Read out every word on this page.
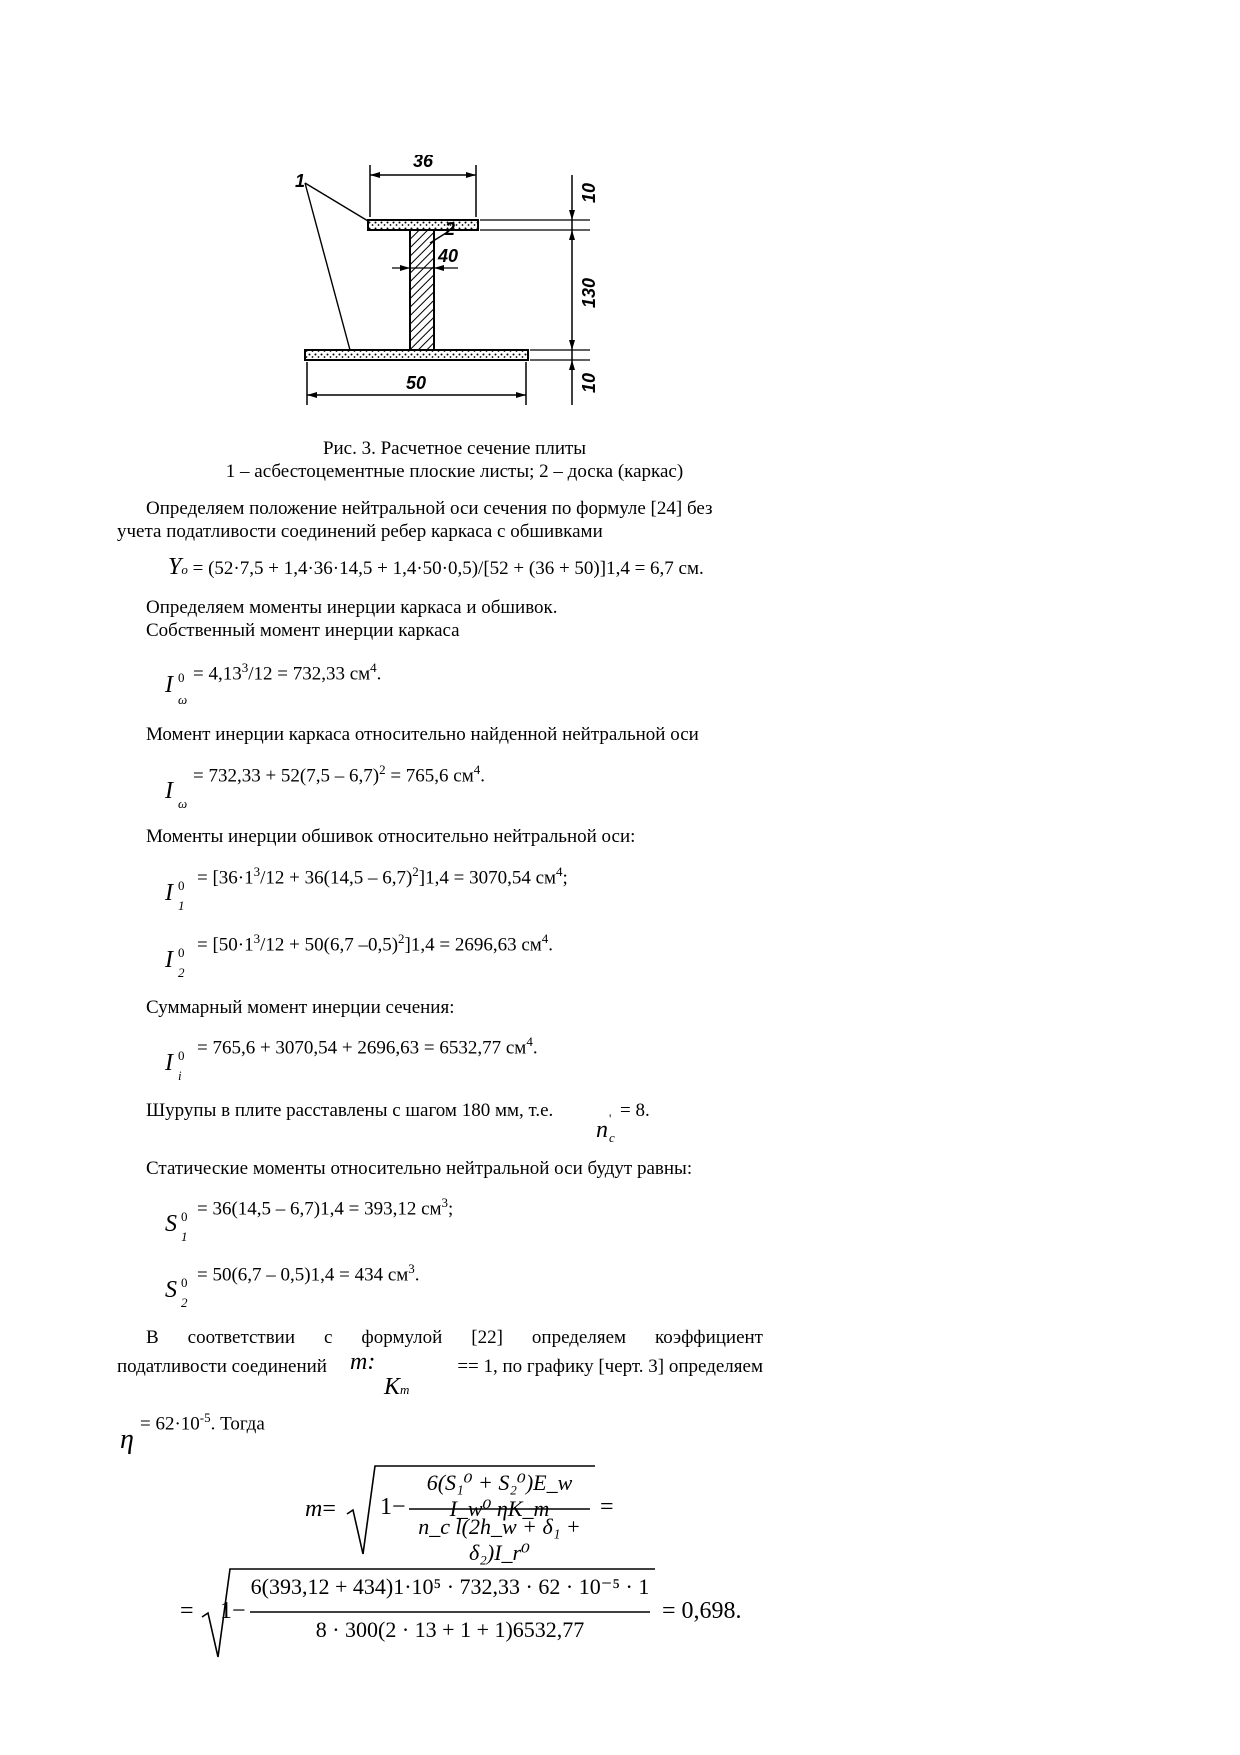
36
50
10
130
10
40
1
2
Рис. 3. Расчетное сечение плиты
1 – асбестоцементные плоские листы; 2 – доска (каркас)
Определяем положение нейтральной оси сечения по формуле [24] без
учета податливости соединений ребер каркаса с обшивками
Yo = (52·7,5 + 1,4·36·14,5 + 1,4·50·0,5)/[52 + (36 + 50)]1,4 = 6,7 см.
Определяем моменты инерции каркаса и обшивок.
Собственный момент инерции каркаса
= $4,13^3/12 = 732,33$ $см^4$.
I 0
ω
Момент инерции каркаса относительно найденной нейтральной оси
= 732,33 + 52(7,5 – 6,7)$^2$ = 765,6 $см^4$.
I ω
Моменты инерции обшивок относительно нейтральной оси:
= $[36\cdot 1^3/12 + 36(14,5 - 6,7)^2]1,4 = 3070,54$ $см^4$;
I 0
1
= [$50\cdot 1^3/12 + 50(6,7$ –0,5)$^2$]1,4 = 2696,63 $см^4$.
I 0
2
Суммарный момент инерции сечения:
= 765,6 + 3070,54 + 2696,63 = 6532,77 $см^4$.
I 0
i
Шурупы в плите расставлены с шагом 180 мм, т.е.	= 8.
n '
c
Статические моменты относительно нейтральной оси будут равны:
= 36(14,5 – 6,7)1,4 = 393,12 $см^3$;
S 0
1
= 50(6,7 – 0,5)1,4 = 434 $см^3$.
S 0
2
В соответствии с формулой [22] определяем коэффициент
податливости соединений m:	== 1, по графику [черт. 3] определяем
Km
= $62\cdot 10^{-5}$. Тогда
η
m= 1−
6(S₁⁰ + S₂⁰)E_w I_w⁰ ηK_m
n_c l(2h_w + δ₁ + δ₂)I_r⁰
=
= 1−
6(393,12 + 434)1·10⁵ · 732,33 · 62 · 10⁻⁵ · 1
8 · 300(2 · 13 + 1 + 1)6532,77
= 0,698.
